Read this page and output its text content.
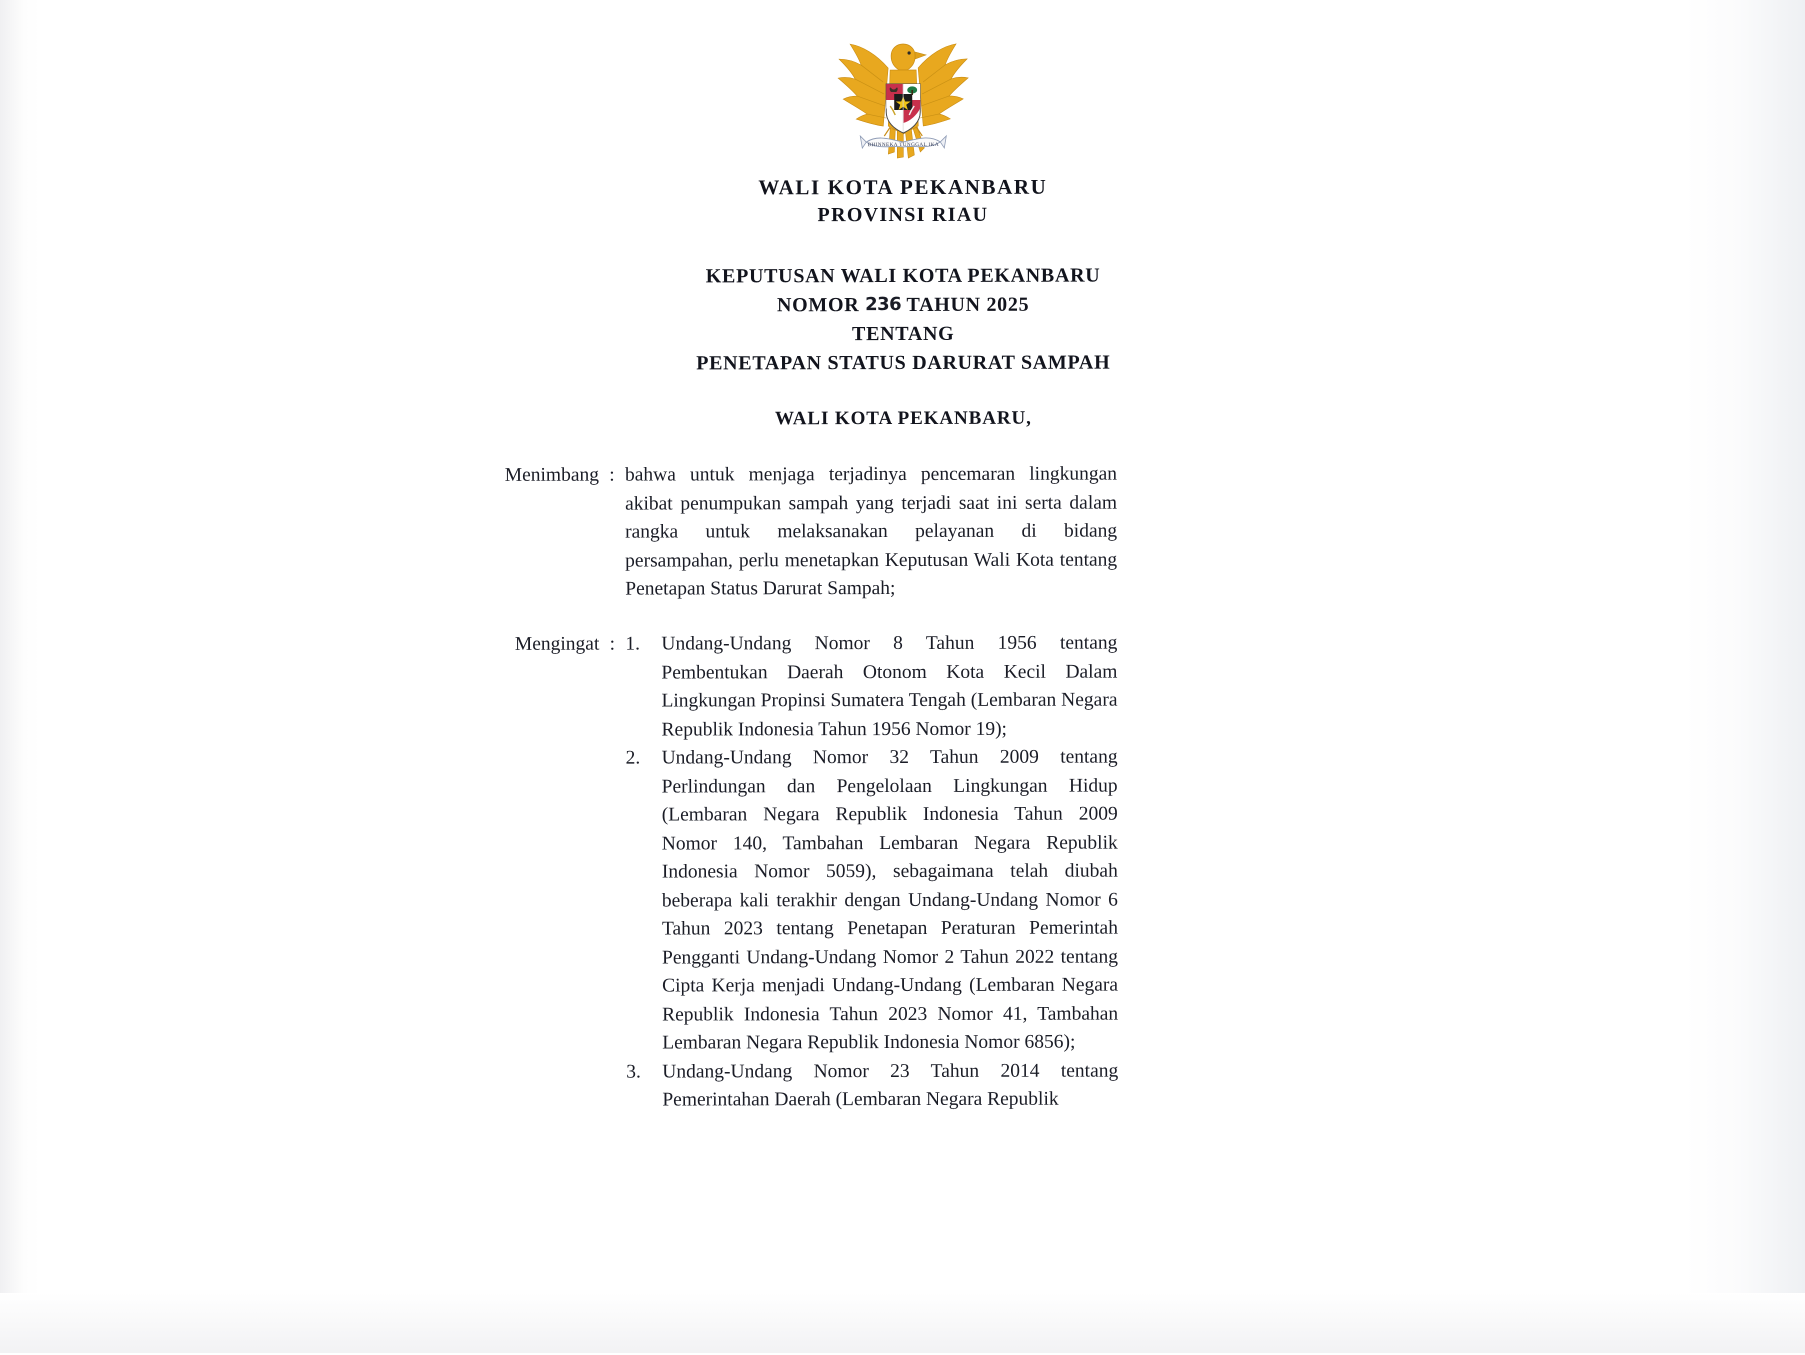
BHINNEKA TUNGGAL IKA
WALI KOTA PEKANBARU
PROVINSI RIAU
KEPUTUSAN WALI KOTA PEKANBARU
NOMOR 236 TAHUN 2025
TENTANG
PENETAPAN STATUS DARURAT SAMPAH
WALI KOTA PEKANBARU,
Menimbang : bahwa untuk menjaga terjadinya pencemaran lingkungan akibat penumpukan sampah yang terjadi saat ini serta dalam rangka untuk melaksanakan pelayanan di bidang persampahan, perlu menetapkan Keputusan Wali Kota tentang Penetapan Status Darurat Sampah;
Mengingat : 1.	Undang-Undang Nomor 8 Tahun 1956 tentang Pembentukan Daerah Otonom Kota Kecil Dalam Lingkungan Propinsi Sumatera Tengah (Lembaran Negara Republik Indonesia Tahun 1956 Nomor 19);
2.	Undang-Undang Nomor 32 Tahun 2009 tentang Perlindungan dan Pengelolaan Lingkungan Hidup (Lembaran Negara Republik Indonesia Tahun 2009 Nomor 140, Tambahan Lembaran Negara Republik Indonesia Nomor 5059), sebagaimana telah diubah beberapa kali terakhir dengan Undang-Undang Nomor 6 Tahun 2023 tentang Penetapan Peraturan Pemerintah Pengganti Undang-Undang Nomor 2 Tahun 2022 tentang Cipta Kerja menjadi Undang-Undang (Lembaran Negara Republik Indonesia Tahun 2023 Nomor 41, Tambahan Lembaran Negara Republik Indonesia Nomor 6856);
3.	Undang-Undang Nomor 23 Tahun 2014 tentang Pemerintahan Daerah (Lembaran Negara Republik
